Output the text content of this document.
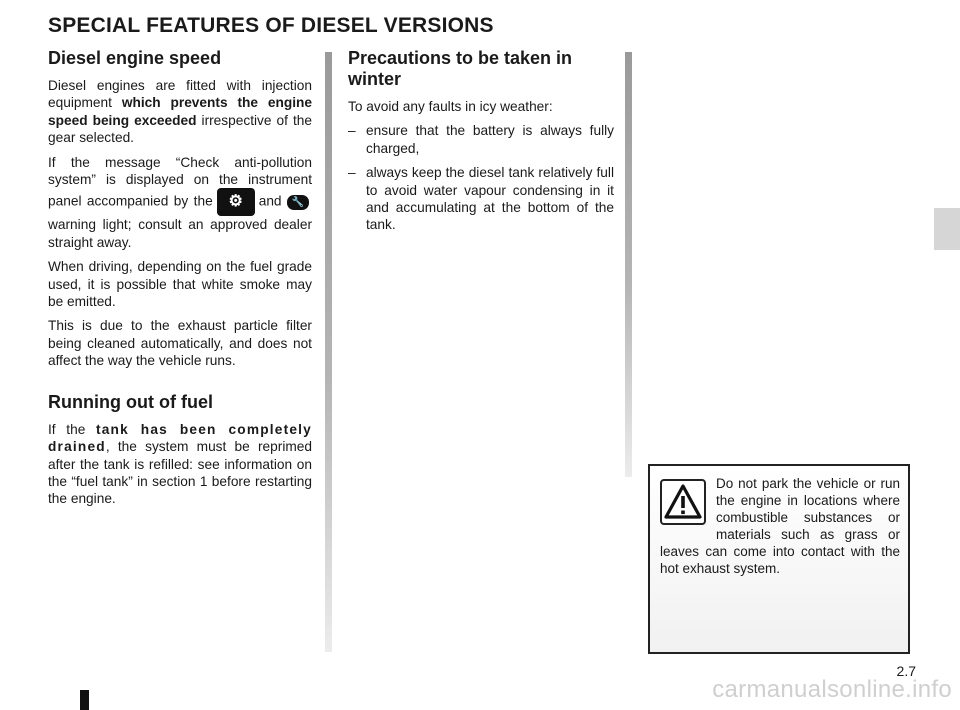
SPECIAL FEATURES OF DIESEL VERSIONS
Diesel engine speed

Diesel engines are fitted with injection equipment which prevents the engine speed being exceeded irrespective of the gear selected.

If the message “Check anti-pollution system” is displayed on the instrument panel accompanied by the ⚙ and 🔧warning light; consult an approved dealer straight away.

When driving, depending on the fuel grade used, it is possible that white smoke may be emitted.

This is due to the exhaust particle filter being cleaned automatically, and does not affect the way the vehicle runs.

Running out of fuel

If the tank has been completely drained, the system must be reprimed after the tank is refilled: see information on the “fuel tank” in section 1 before restarting the engine.

Precautions to be taken in winter

To avoid any faults in icy weather:

– ensure that the battery is always fully charged,
– always keep the diesel tank relatively full to avoid water vapour condensing in it and accumulating at the bottom of the tank.
Do not park the vehicle or run the engine in locations where combustible substances or materials such as grass or leaves can come into contact with the hot exhaust system.
2.7
carmanualsonline.info
